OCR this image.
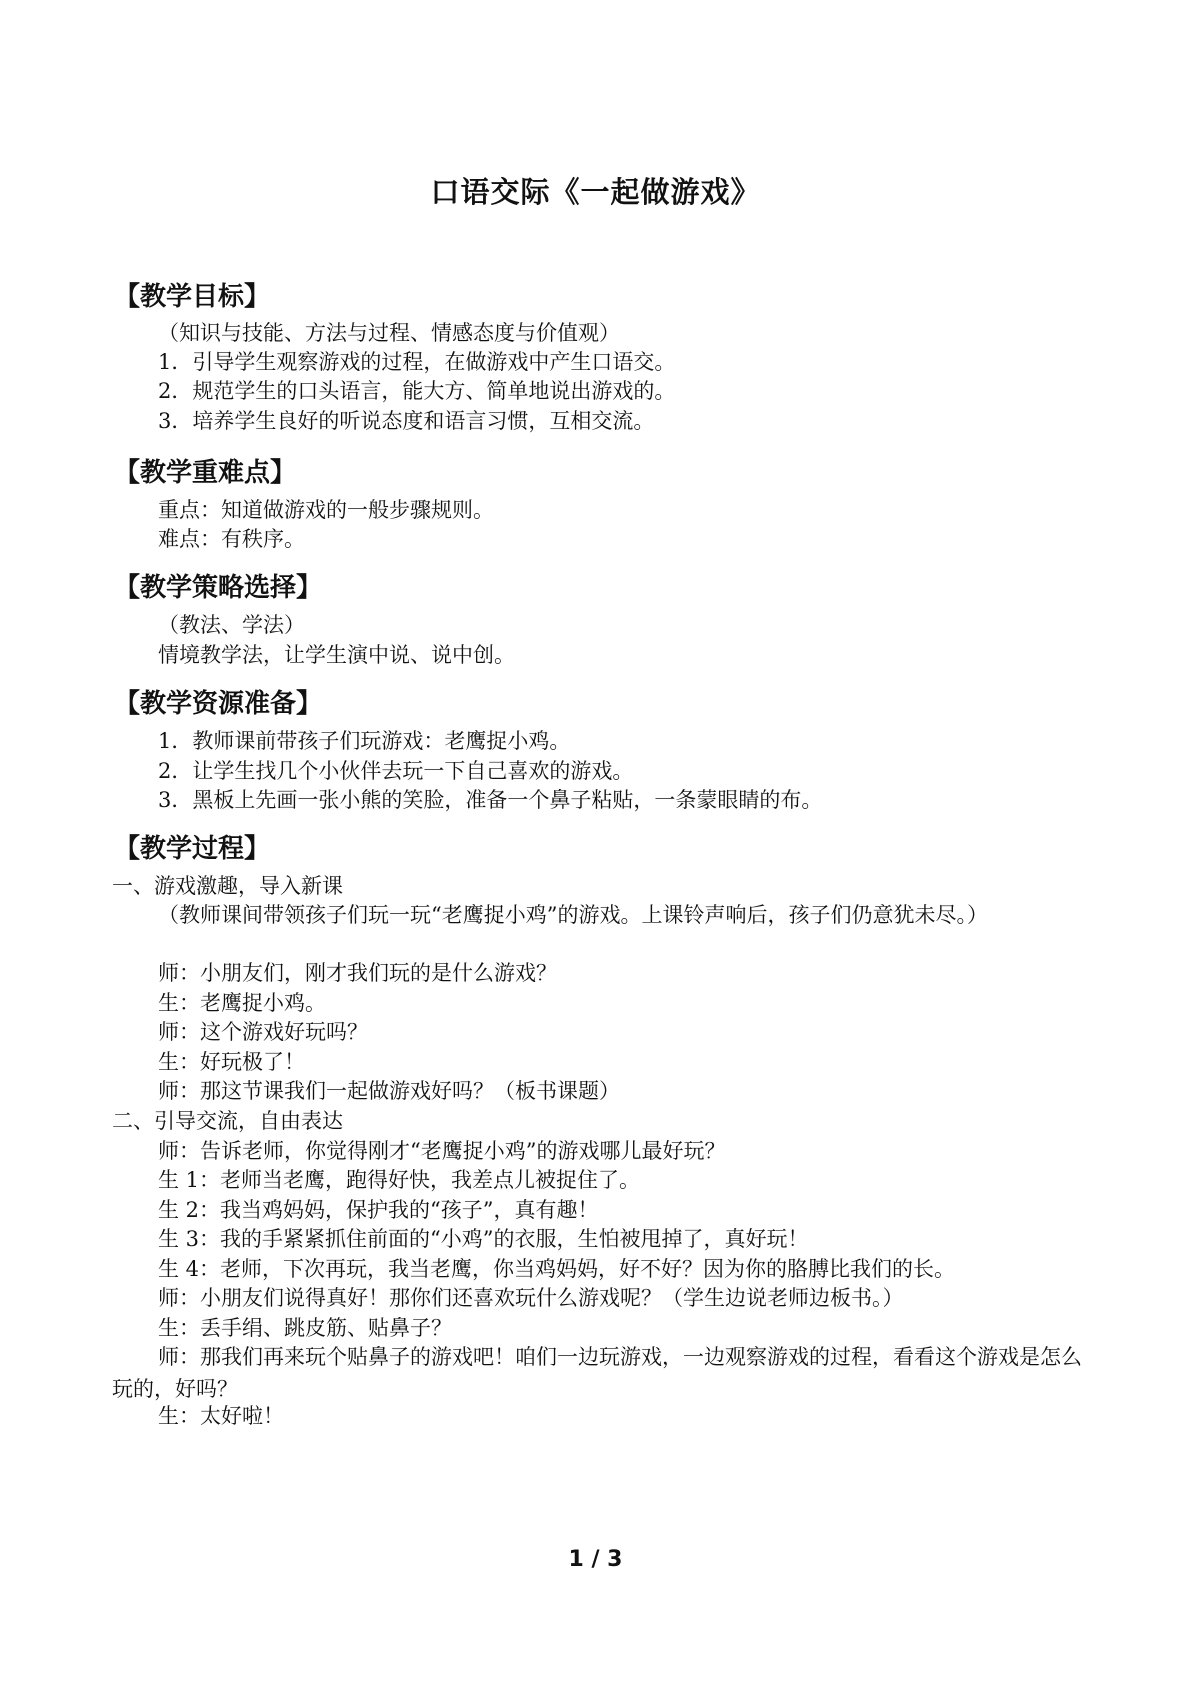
口语交际《一起做游戏》
【教学目标】
（知识与技能、方法与过程、情感态度与价值观）
1．引导学生观察游戏的过程，在做游戏中产生口语交。
2．规范学生的口头语言，能大方、简单地说出游戏的。
3．培养学生良好的听说态度和语言习惯，互相交流。
【教学重难点】
重点：知道做游戏的一般步骤规则。
难点：有秩序。
【教学策略选择】
（教法、学法）
情境教学法，让学生演中说、说中创。
【教学资源准备】
1．教师课前带孩子们玩游戏：老鹰捉小鸡。
2．让学生找几个小伙伴去玩一下自己喜欢的游戏。
3．黑板上先画一张小熊的笑脸，准备一个鼻子粘贴，一条蒙眼睛的布。
【教学过程】
一、游戏激趣，导入新课
（教师课间带领孩子们玩一玩“老鹰捉小鸡”的游戏。上课铃声响后，孩子们仍意犹未尽。）
师：小朋友们，刚才我们玩的是什么游戏？
生：老鹰捉小鸡。
师：这个游戏好玩吗？
生：好玩极了！
师：那这节课我们一起做游戏好吗？（板书课题）
二、引导交流，自由表达
师：告诉老师，你觉得刚才“老鹰捉小鸡”的游戏哪儿最好玩？
生 1：老师当老鹰，跑得好快，我差点儿被捉住了。
生 2：我当鸡妈妈，保护我的“孩子”，真有趣！
生 3：我的手紧紧抓住前面的“小鸡”的衣服，生怕被甩掉了，真好玩！
生 4：老师，下次再玩，我当老鹰，你当鸡妈妈，好不好？因为你的胳膊比我们的长。
师：小朋友们说得真好！那你们还喜欢玩什么游戏呢？（学生边说老师边板书。）
生：丢手绢、跳皮筋、贴鼻子？
师：那我们再来玩个贴鼻子的游戏吧！咱们一边玩游戏，一边观察游戏的过程，看看这个游戏是怎么玩的，好吗？
生：太好啦！
1 / 3
